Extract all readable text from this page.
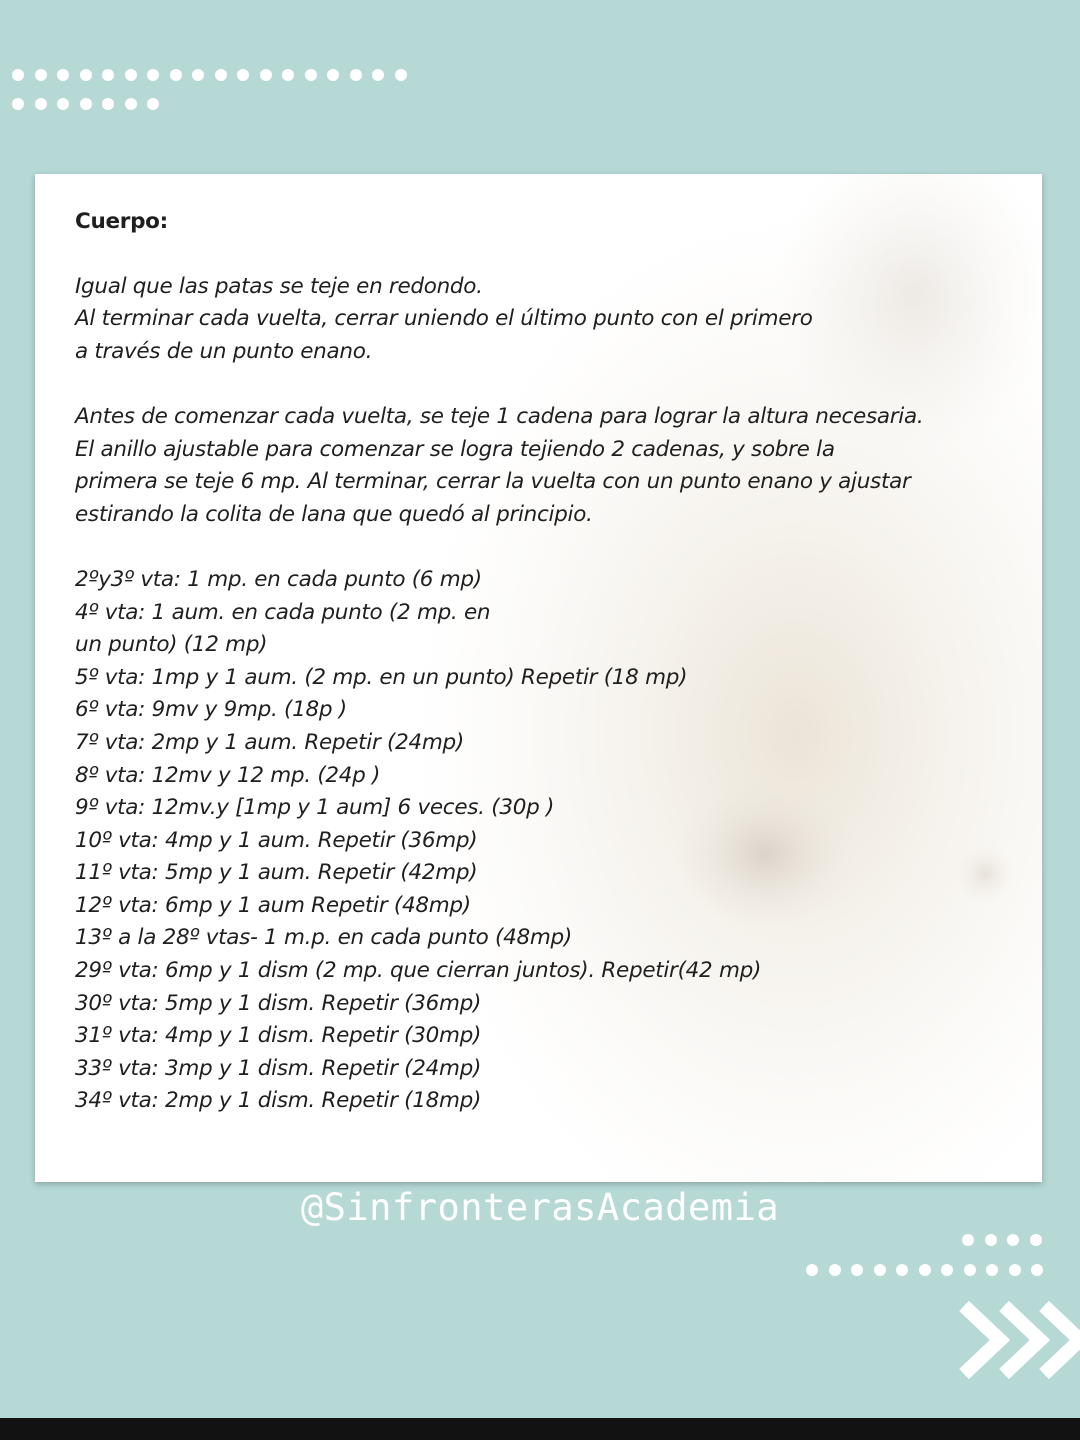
Cuerpo:
Igual que las patas se teje en redondo.
Al terminar cada vuelta, cerrar uniendo el último punto con el primero
a través de un punto enano.
Antes de comenzar cada vuelta, se teje 1 cadena para lograr la altura necesaria.
El anillo ajustable para comenzar se logra tejiendo 2 cadenas, y sobre la
primera se teje 6 mp. Al terminar, cerrar la vuelta con un punto enano y ajustar
estirando la colita de lana que quedó al principio.
2ºy3º vta: 1 mp. en cada punto (6 mp)
4º vta: 1 aum. en cada punto (2 mp. en
un punto) (12 mp)
5º vta: 1mp y 1 aum. (2 mp. en un punto) Repetir (18 mp)
6º vta: 9mv y 9mp. (18p )
7º vta: 2mp y 1 aum. Repetir (24mp)
8º vta: 12mv y 12 mp. (24p )
9º vta: 12mv.y [1mp y 1 aum] 6 veces. (30p )
10º vta: 4mp y 1 aum. Repetir (36mp)
11º vta: 5mp y 1 aum. Repetir (42mp)
12º vta: 6mp y 1 aum Repetir (48mp)
13º a la 28º vtas- 1 m.p. en cada punto (48mp)
29º vta: 6mp y 1 dism (2 mp. que cierran juntos). Repetir(42 mp)
30º vta: 5mp y 1 dism. Repetir (36mp)
31º vta: 4mp y 1 dism. Repetir (30mp)
33º vta: 3mp y 1 dism. Repetir (24mp)
34º vta: 2mp y 1 dism. Repetir (18mp)
@SinfronterasAcademia
